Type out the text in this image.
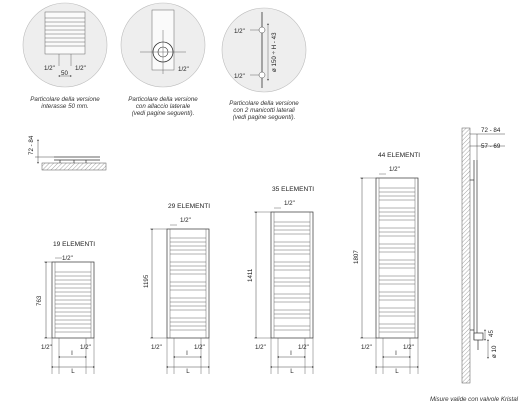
1/2"	1/2"
50
Particolare della versione
interasse 50 mm.
1/2"
Particolare della versione
con allaccio laterale
(vedi pagine seguenti).
1/2"
1/2"
ø 150 ÷ H - 43
Particolare della versione
con 2 manicotti laterali
(vedi pagine seguenti).
72 - 84
19 ELEMENTI
763
1/2"
1/2"	1/2"
I
L
29 ELEMENTI
1195
1/2"
1/2"	1/2"
I
L
35 ELEMENTI
1411
1/2"
1/2"	1/2"
I
L
44 ELEMENTI
1807
1/2"
1/2"	1/2"
I
L
72 - 84
57 - 69
45
ø 10
Misure valide con valvole Kristal
